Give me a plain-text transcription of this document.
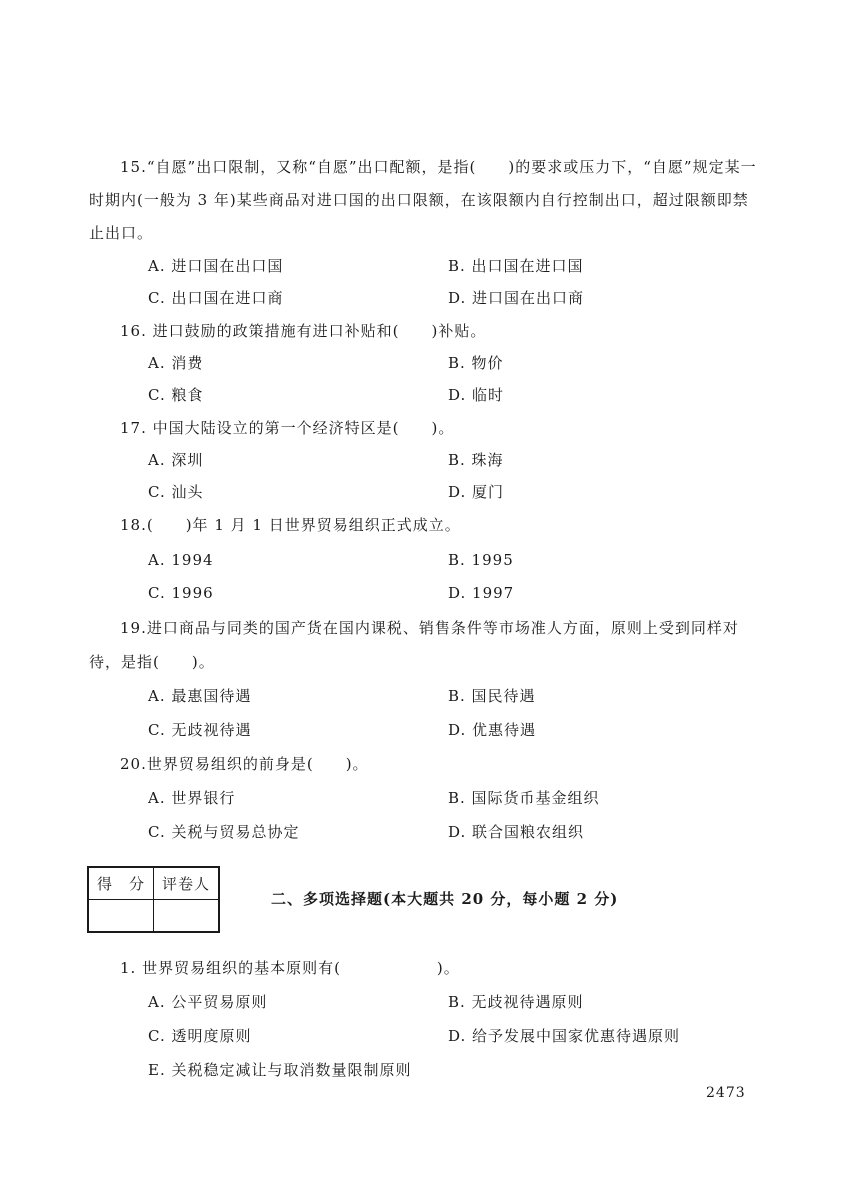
15.“自愿”出口限制，又称“自愿”出口配额，是指(　　)的要求或压力下，“自愿”规定某一
时期内(一般为 3 年)某些商品对进口国的出口限额，在该限额内自行控制出口，超过限额即禁
止出口。
A. 进口国在出口国	B. 出口国在进口国
C. 出口国在进口商	D. 进口国在出口商
16. 进口鼓励的政策措施有进口补贴和(　　)补贴。
A. 消费	B. 物价
C. 粮食	D. 临时
17. 中国大陆设立的第一个经济特区是(　　)。
A. 深圳	B. 珠海
C. 汕头	D. 厦门
18.(　　)年 1 月 1 日世界贸易组织正式成立。
A. 1994	B. 1995
C. 1996	D. 1997
19.进口商品与同类的国产货在国内课税、销售条件等市场准人方面，原则上受到同样对
待，是指(　　)。
A. 最惠国待遇	B. 国民待遇
C. 无歧视待遇	D. 优惠待遇
20.世界贸易组织的前身是(　　)。
A. 世界银行	B. 国际货币基金组织
C. 关税与贸易总协定	D. 联合国粮农组织
得　分	评卷人

二、多项选择题(本大题共 20 分，每小题 2 分)
1. 世界贸易组织的基本原则有(　　　　　　)。
A. 公平贸易原则	B. 无歧视待遇原则
C. 透明度原则	D. 给予发展中国家优惠待遇原则
E. 关税稳定减让与取消数量限制原则
2473
